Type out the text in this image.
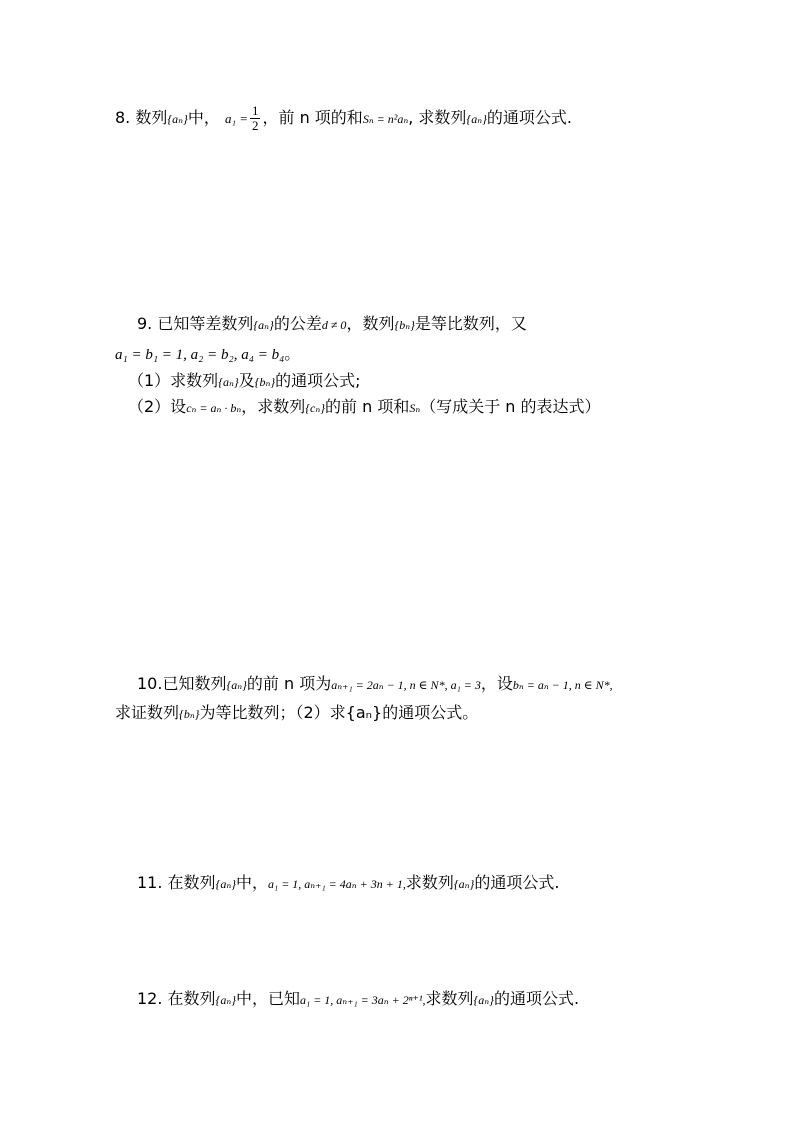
8. 数列{aₙ}中， $a_1 = \frac{1}{2}$ ，前 n 项的和Sₙ = n²aₙ, 求数列{aₙ}的通项公式.
9. 已知等差数列{aₙ}的公差d ≠ 0，数列{bₙ}是等比数列，又
a₁ = b₁ = 1, a₂ = b₂, a₄ = b₄。
（1）求数列{aₙ}及{bₙ}的通项公式;
（2）设cₙ = aₙ · bₙ，求数列{cₙ}的前 n 项和Sₙ（写成关于 n 的表达式）
10.已知数列{aₙ}的前 n 项为aₙ₊₁ = 2aₙ − 1, n ∈ N*, a₁ = 3，设bₙ = aₙ − 1, n ∈ N*,
求证数列{bₙ}为等比数列；（2）求{aₙ}的通项公式。
11. 在数列{aₙ}中，a₁ = 1, aₙ₊₁ = 4aₙ + 3n + 1,求数列{aₙ}的通项公式.
12. 在数列{aₙ}中，已知a₁ = 1, aₙ₊₁ = 3aₙ + 2ⁿ⁺¹,求数列{aₙ}的通项公式.
